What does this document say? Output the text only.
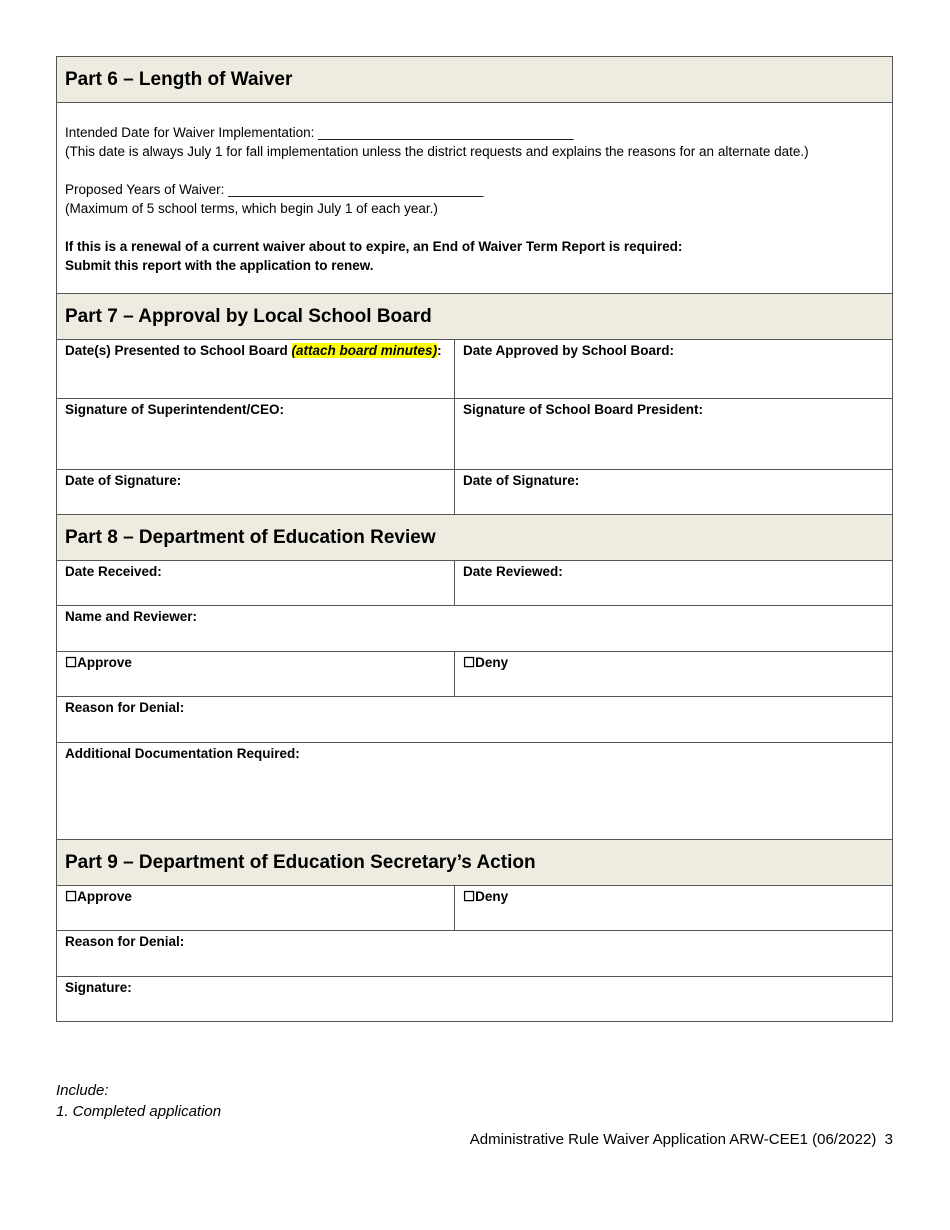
Part 6 – Length of Waiver

Intended Date for Waiver Implementation: __________________________________

(This date is always July 1 for fall implementation unless the district requests and explains the reasons for an alternate date.)

Proposed Years of Waiver: __________________________________

(Maximum of 5 school terms, which begin July 1 of each year.)

If this is a renewal of a current waiver about to expire, an End of Waiver Term Report is required:

Submit this report with the application to renew.

Part 7 – Approval by Local School Board
Date(s) Presented to School Board (attach board minutes):	Date Approved by School Board:
Signature of Superintendent/CEO:	Signature of School Board President:
Date of Signature:	Date of Signature:
Part 8 – Department of Education Review
Date Received:	Date Reviewed:
Name and Reviewer:
☐Approve	☐Deny
Reason for Denial:
Additional Documentation Required:
Part 9 – Department of Education Secretary’s Action
☐Approve	☐Deny
Reason for Denial:
Signature:

Include:

1. Completed application

Administrative Rule Waiver Application ARW-CEE1 (06/2022)  3
